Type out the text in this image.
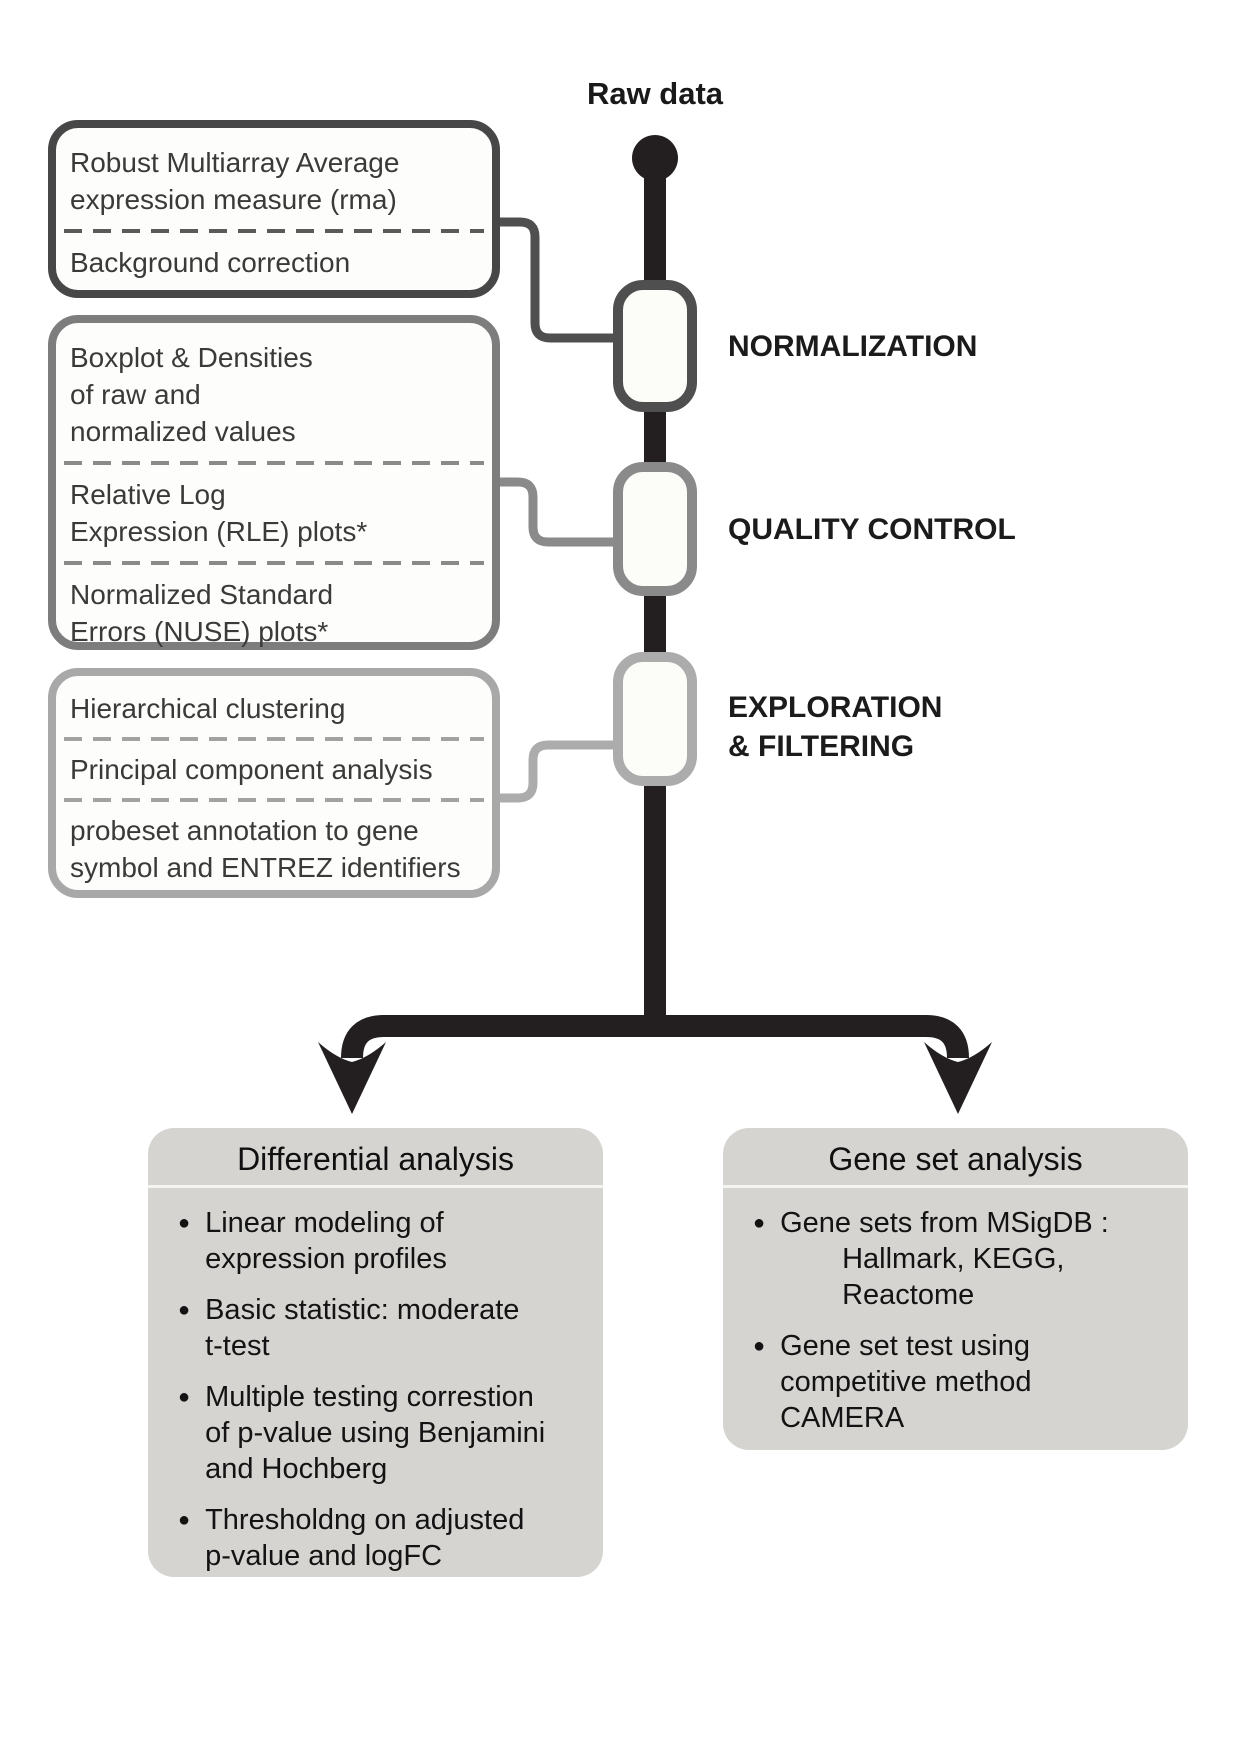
Raw data
Robust Multiarray Average
expression measure (rma)
Background correction
Boxplot & Densities
of raw and
normalized values
Relative Log
Expression (RLE) plots*
Normalized Standard
Errors (NUSE) plots*
Hierarchical clustering
Principal component analysis
probeset annotation to gene
symbol and ENTREZ identifiers
NORMALIZATION
QUALITY CONTROL
EXPLORATION
& FILTERING
Differential analysis
● Linear modeling of
expression profiles
● Basic statistic: moderate
t-test
● Multiple testing correstion
of p-value using Benjamini
and Hochberg
● Thresholdng on adjusted
p-value and logFC
Gene set analysis
● Gene sets from MSigDB :
Hallmark, KEGG,
Reactome
● Gene set test using
competitive method
CAMERA
